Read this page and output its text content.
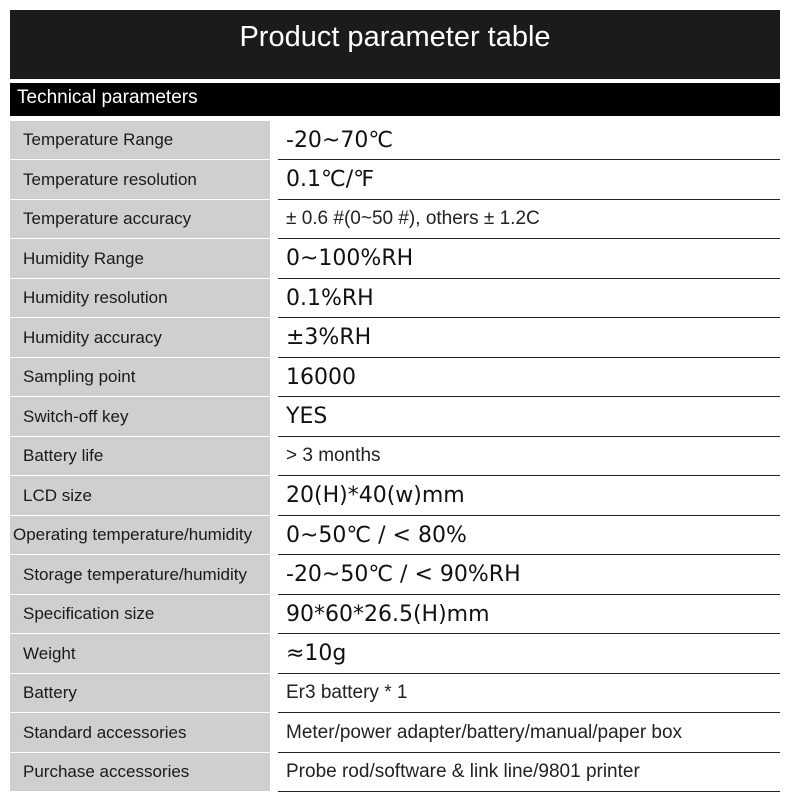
Product parameter table
Technical parameters
Temperature Range	-20~70℃
Temperature resolution	0.1℃/℉
Temperature accuracy	± 0.6 #(0~50 #), others ± 1.2C
Humidity Range	0~100%RH
Humidity resolution	0.1%RH
Humidity accuracy	±3%RH
Sampling point	16000
Switch-off key	YES
Battery life	> 3 months
LCD size	20(H)*40(w)mm
Operating temperature/humidity	0~50℃ / < 80%
Storage temperature/humidity	-20~50℃ / < 90%RH
Specification size	90*60*26.5(H)mm
Weight	≈10g
Battery	Er3 battery * 1
Standard accessories	Meter/power adapter/battery/manual/paper box
Purchase accessories	Probe rod/software & link line/9801 printer
